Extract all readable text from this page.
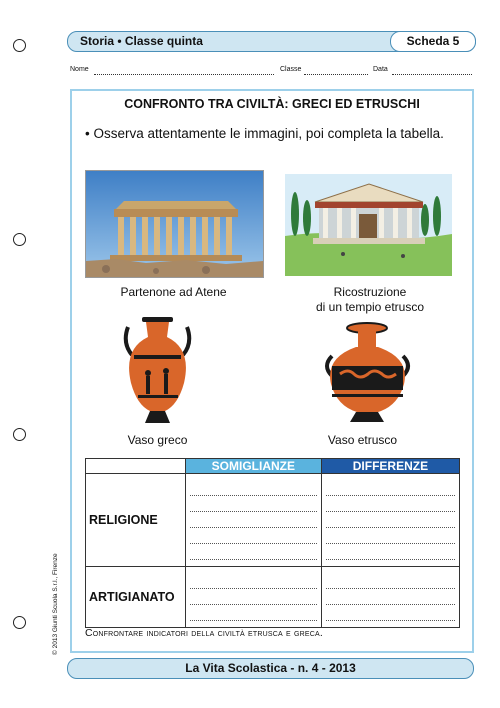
Storia • Classe quinta	Scheda 5
Nome	Classe	Data
CONFRONTO TRA CIVILTÀ: GRECI ED ETRUSCHI
• Osserva attentamente le immagini, poi completa la tabella.
Partenone ad Atene	Ricostruzione
di un tempio etrusco
Vaso greco	Vaso etrusco
	SOMIGLIANZE	DIFFERENZE
RELIGIONE	

ARTIGIANATO	

Confrontare indicatori della civiltà etrusca e greca.
© 2013 Giunti Scuola S.r.l., Firenze
La Vita Scolastica - n. 4 - 2013
